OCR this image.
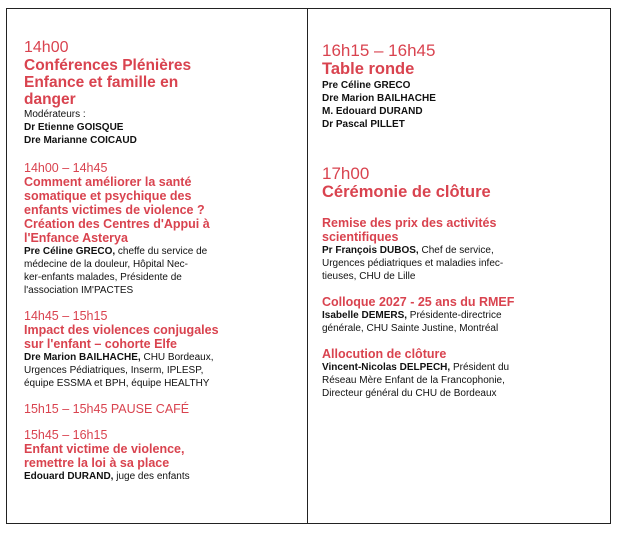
14h00
Conférences Plénières
Enfance et famille en
danger
Modérateurs :
Dr Etienne GOISQUE
Dre Marianne COICAUD
14h00 – 14h45
Comment améliorer la santé
somatique et psychique des
enfants victimes de violence ?
Création des Centres d'Appui à
l'Enfance Asterya
Pre Céline GRECO, cheffe du service de
médecine de la douleur, Hôpital Nec-
ker-enfants malades, Présidente de
l'association IM'PACTES
14h45 – 15h15
Impact des violences conjugales
sur l'enfant – cohorte Elfe
Dre Marion BAILHACHE, CHU Bordeaux,
Urgences Pédiatriques, Inserm, IPLESP,
équipe ESSMA et BPH, équipe HEALTHY
15h15 – 15h45 PAUSE CAFÉ
15h45 – 16h15
Enfant victime de violence,
remettre la loi à sa place
Edouard DURAND, juge des enfants
16h15 – 16h45
Table ronde
Pre Céline GRECO
Dre Marion BAILHACHE
M. Edouard DURAND
Dr Pascal PILLET
17h00
Cérémonie de clôture
Remise des prix des activités
scientifiques
Pr François DUBOS, Chef de service,
Urgences pédiatriques et maladies infec-
tieuses, CHU de Lille
Colloque 2027 - 25 ans du RMEF
Isabelle DEMERS, Présidente-directrice
générale, CHU Sainte Justine, Montréal
Allocution de clôture
Vincent-Nicolas DELPECH, Président du
Réseau Mère Enfant de la Francophonie,
Directeur général du CHU de Bordeaux
